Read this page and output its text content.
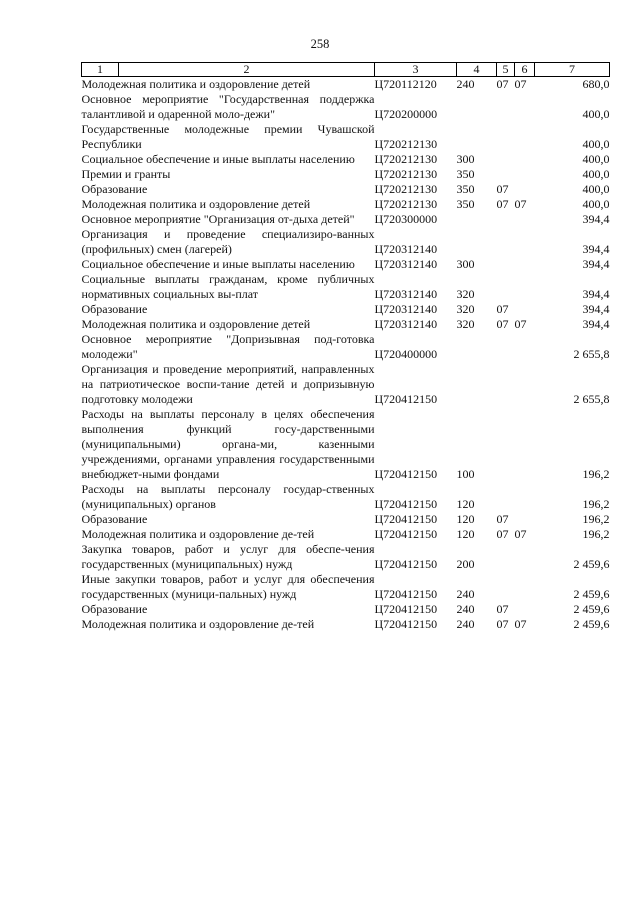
258
1	2	3	4	5	6	7
Молодежная политика и оздоровление детей		Ц720112120	240	07	07	680,0
Основное мероприятие "Государственная поддержка талантливой и одаренной моло-дежи"		Ц720200000				400,0
Государственные молодежные премии Чувашской Республики		Ц720212130				400,0
Социальное обеспечение и иные выплаты населению		Ц720212130	300			400,0
Премии и гранты		Ц720212130	350			400,0
Образование		Ц720212130	350	07		400,0
Молодежная политика и оздоровление детей		Ц720212130	350	07	07	400,0
Основное мероприятие "Организация от-дыха детей"		Ц720300000				394,4
Организация и проведение специализиро-ванных (профильных) смен (лагерей)		Ц720312140				394,4
Социальное обеспечение и иные выплаты населению		Ц720312140	300			394,4
Социальные выплаты гражданам, кроме публичных нормативных социальных вы-плат		Ц720312140	320			394,4
Образование		Ц720312140	320	07		394,4
Молодежная политика и оздоровление детей		Ц720312140	320	07	07	394,4
Основное мероприятие "Допризывная под-готовка молодежи"		Ц720400000				2 655,8
Организация и проведение мероприятий, направленных на патриотическое воспи-тание детей и допризывную подготовку молодежи		Ц720412150				2 655,8
Расходы на выплаты персоналу в целях обеспечения выполнения функций госу-дарственными (муниципальными) органа-ми, казенными учреждениями, органами управления государственными внебюджет-ными фондами		Ц720412150	100			196,2
Расходы на выплаты персоналу государ-ственных (муниципальных) органов		Ц720412150	120			196,2
Образование		Ц720412150	120	07		196,2
Молодежная политика и оздоровление де-тей		Ц720412150	120	07	07	196,2
Закупка товаров, работ и услуг для обеспе-чения государственных (муниципальных) нужд		Ц720412150	200			2 459,6
Иные закупки товаров, работ и услуг для обеспечения государственных (муници-пальных) нужд		Ц720412150	240			2 459,6
Образование		Ц720412150	240	07		2 459,6
Молодежная политика и оздоровление де-тей		Ц720412150	240	07	07	2 459,6
